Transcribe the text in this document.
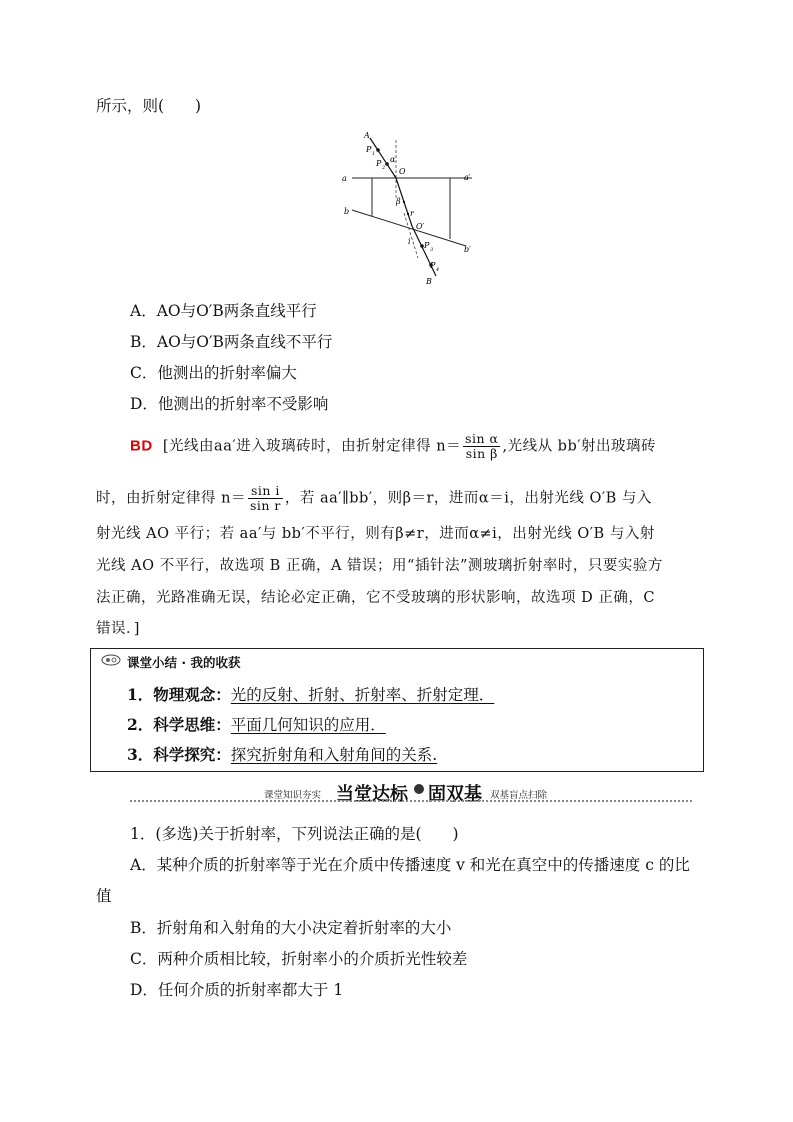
所示，则(　　)
A
P 1
P 2
α
O
a	a′
β
b	r
O′
i P 3	b′
P 4
B
A．AO与O′B两条直线平行
B．AO与O′B两条直线不平行
C．他测出的折射率偏大
D．他测出的折射率不受影响
BD [光线由aa′进入玻璃砖时，由折射定律得 $n= \frac{\text{sin α}}{\text{sin β}}$ ,光线从 bb′射出玻璃砖
时，由折射定律得 $n= \frac{\text{sin i}}{\text{sin r}}$ ，若 aa′∥bb′，则β＝r，进而α＝i，出射光线 O′B 与入
射光线 AO 平行；若 aa′与 bb′不平行，则有β≠r，进而α≠i，出射光线 O′B 与入射
光线 AO 不平行，故选项 B 正确，A 错误；用“插针法”测玻璃折射率时，只要实验方
法正确，光路准确无误，结论必定正确，它不受玻璃的形状影响，故选项 D 正确，C
错误．]
课堂小结 · 我的收获
1．物理观念：光的反射、折射、折射率、折射定理．
2．科学思维：平面几何知识的应用．
3．科学探究：探究折射角和入射角间的关系.
课堂知识夯实 当堂达标 固双基 双基盲点扫除
1．(多选)关于折射率，下列说法正确的是(　　)
A．某种介质的折射率等于光在介质中传播速度 v 和光在真空中的传播速度 c 的比
值
B．折射角和入射角的大小决定着折射率的大小
C．两种介质相比较，折射率小的介质折光性较差
D．任何介质的折射率都大于 1
